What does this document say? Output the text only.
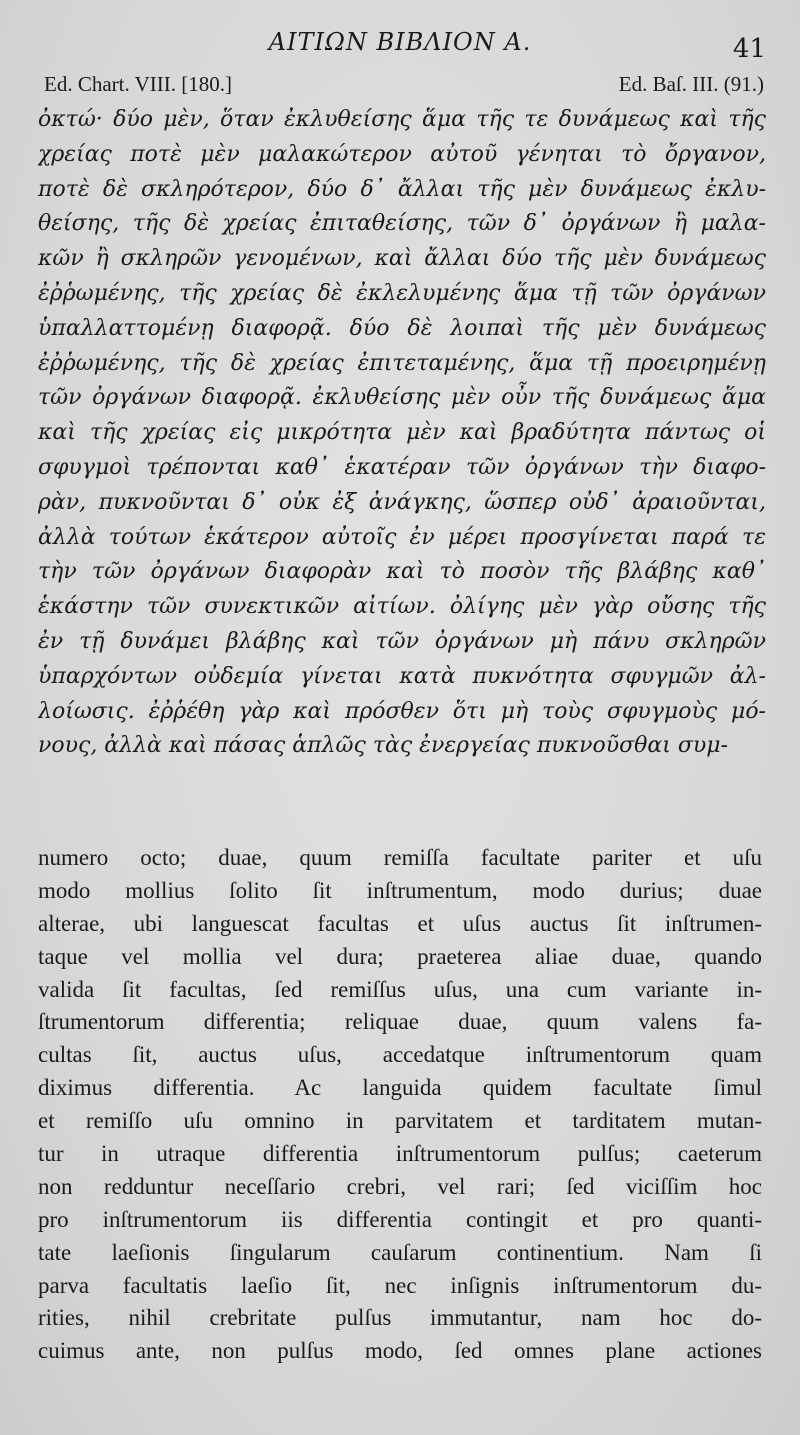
ΑΙΤΙΩΝ ΒΙΒΛΙΟΝ Α.	41
Ed. Chart. VIII. [180.]	Ed. Baſ. III. (91.)
ὀκτώ· δύο μὲν, ὅταν ἐκλυθείσης ἅμα τῆς τε δυνάμεως καὶ τῆς
χρείας ποτὲ μὲν μαλακώτερον αὐτοῦ γένηται τὸ ὄργανον,
ποτὲ δὲ σκληρότερον, δύο δ᾽ ἄλλαι τῆς μὲν δυνάμεως ἐκλυ-
θείσης, τῆς δὲ χρείας ἐπιταθείσης, τῶν δ᾽ ὀργάνων ἢ μαλα-
κῶν ἢ σκληρῶν γενομένων, καὶ ἄλλαι δύο τῆς μὲν δυνάμεως
ἐῤῥωμένης, τῆς χρείας δὲ ἐκλελυμένης ἅμα τῇ τῶν ὀργάνων
ὑπαλλαττομένῃ διαφορᾷ. δύο δὲ λοιπαὶ τῆς μὲν δυνάμεως
ἐῤῥωμένης, τῆς δὲ χρείας ἐπιτεταμένης, ἅμα τῇ προειρημένῃ
τῶν ὀργάνων διαφορᾷ. ἐκλυθείσης μὲν οὖν τῆς δυνάμεως ἅμα
καὶ τῆς χρείας εἰς μικρότητα μὲν καὶ βραδύτητα πάντως οἱ
σφυγμοὶ τρέπονται καθ᾽ ἑκατέραν τῶν ὀργάνων τὴν διαφο-
ρὰν, πυκνοῦνται δ᾽ οὐκ ἐξ ἀνάγκης, ὥσπερ οὐδ᾽ ἀραιοῦνται,
ἀλλὰ τούτων ἑκάτερον αὐτοῖς ἐν μέρει προσγίνεται παρά τε
τὴν τῶν ὀργάνων διαφορὰν καὶ τὸ ποσὸν τῆς βλάβης καθ᾽
ἑκάστην τῶν συνεκτικῶν αἰτίων. ὀλίγης μὲν γὰρ οὔσης τῆς
ἐν τῇ δυνάμει βλάβης καὶ τῶν ὀργάνων μὴ πάνυ σκληρῶν
ὑπαρχόντων οὐδεμία γίνεται κατὰ πυκνότητα σφυγμῶν ἀλ-
λοίωσις. ἐῤῥέθη γὰρ καὶ πρόσθεν ὅτι μὴ τοὺς σφυγμοὺς μό-
νους, ἀλλὰ καὶ πάσας ἁπλῶς τὰς ἐνεργείας πυκνοῦσθαι συμ-
numero octo; duae, quum remiſſa facultate pariter et uſu
modo mollius ſolito ſit inſtrumentum, modo durius; duae
alterae, ubi languescat facultas et uſus auctus ſit inſtrumen-
taque vel mollia vel dura; praeterea aliae duae, quando
valida ſit facultas, ſed remiſſus uſus, una cum variante in-
ſtrumentorum differentia; reliquae duae, quum valens fa-
cultas ſit, auctus uſus, accedatque inſtrumentorum quam
diximus differentia. Ac languida quidem facultate ſimul
et remiſſo uſu omnino in parvitatem et tarditatem mutan-
tur in utraque differentia inſtrumentorum pulſus; caeterum
non redduntur neceſſario crebri, vel rari; ſed viciſſim hoc
pro inſtrumentorum iis differentia contingit et pro quanti-
tate laeſionis ſingularum cauſarum continentium. Nam ſi
parva facultatis laeſio ſit, nec inſignis inſtrumentorum du-
rities, nihil crebritate pulſus immutantur, nam hoc do-
cuimus ante, non pulſus modo, ſed omnes plane actiones
